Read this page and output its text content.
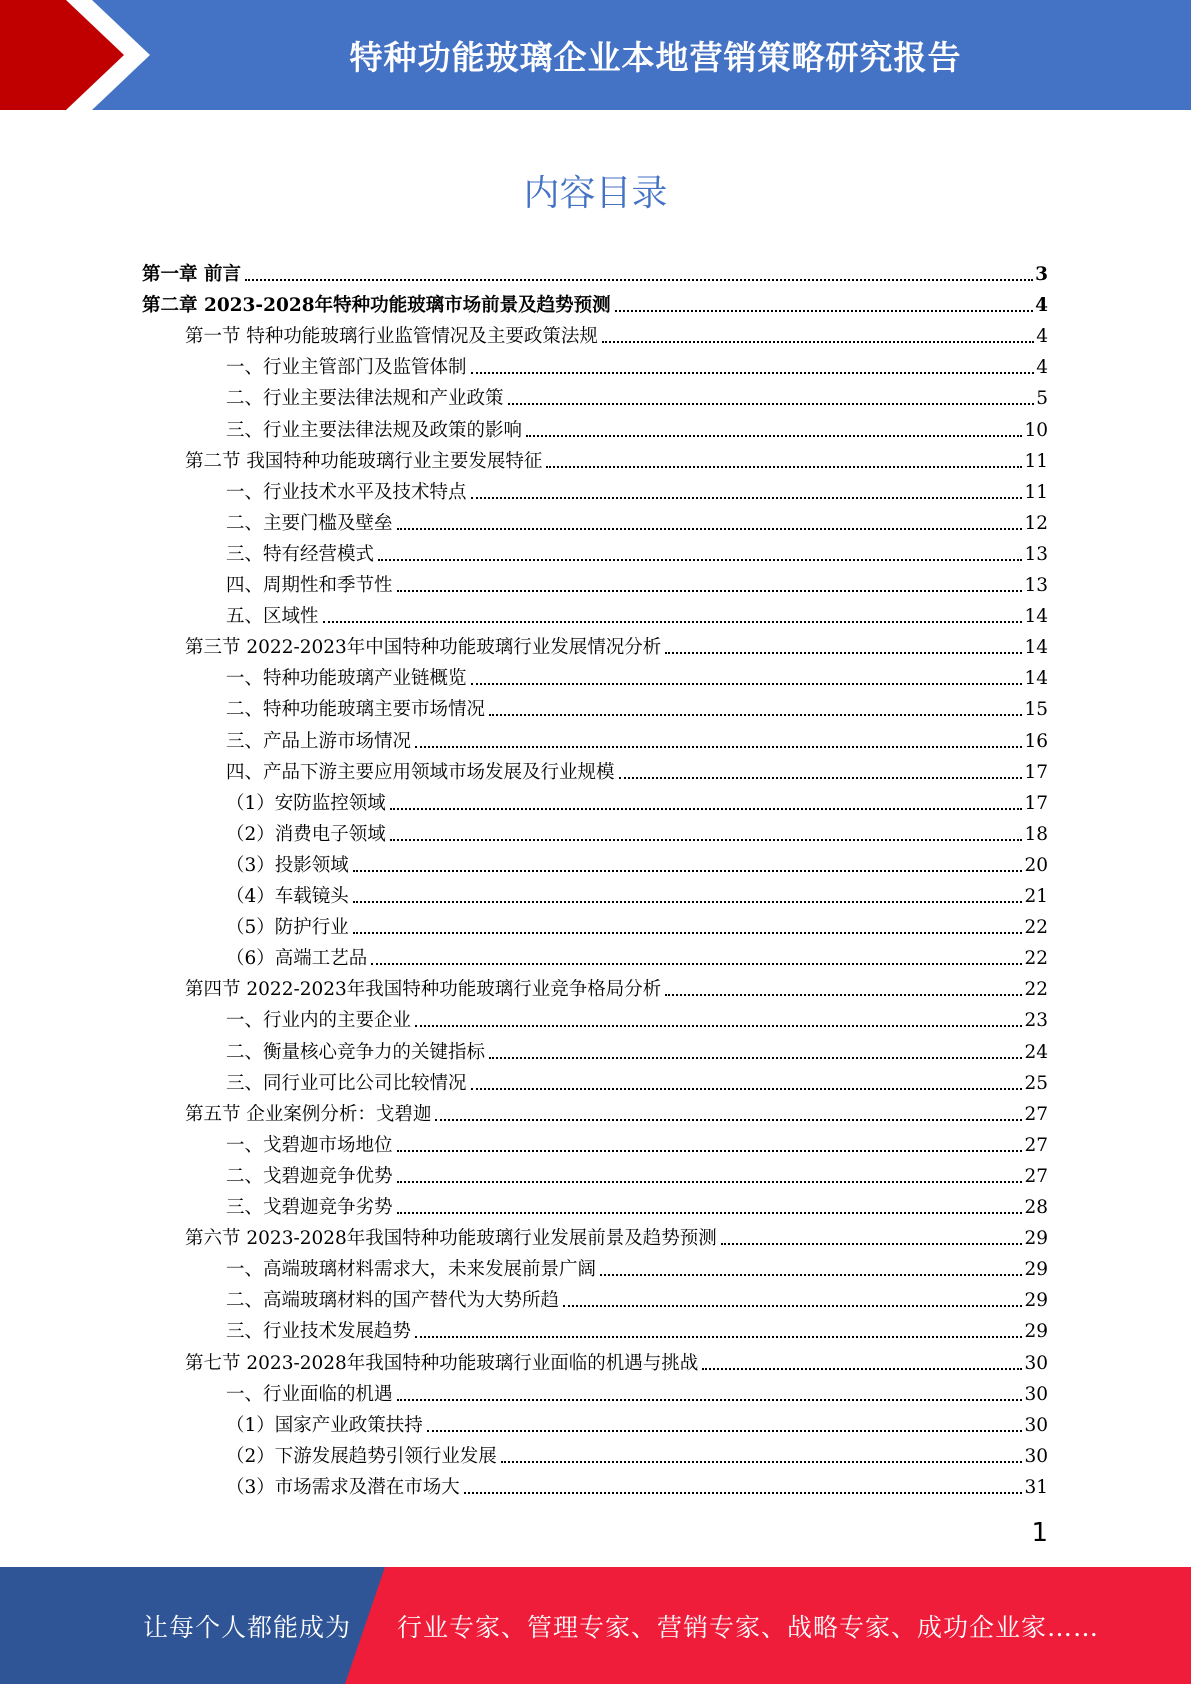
特种功能玻璃企业本地营销策略研究报告
内容目录
第一章 前言	3
第二章 2023-2028年特种功能玻璃市场前景及趋势预测	4
第一节 特种功能玻璃行业监管情况及主要政策法规	4
一、行业主管部门及监管体制	4
二、行业主要法律法规和产业政策	5
三、行业主要法律法规及政策的影响	10
第二节 我国特种功能玻璃行业主要发展特征	11
一、行业技术水平及技术特点	11
二、主要门槛及壁垒	12
三、特有经营模式	13
四、周期性和季节性	13
五、区域性	14
第三节 2022-2023年中国特种功能玻璃行业发展情况分析	14
一、特种功能玻璃产业链概览	14
二、特种功能玻璃主要市场情况	15
三、产品上游市场情况	16
四、产品下游主要应用领域市场发展及行业规模	17
（1）安防监控领域	17
（2）消费电子领域	18
（3）投影领域	20
（4）车载镜头	21
（5）防护行业	22
（6）高端工艺品	22
第四节 2022-2023年我国特种功能玻璃行业竞争格局分析	22
一、行业内的主要企业	23
二、衡量核心竞争力的关键指标	24
三、同行业可比公司比较情况	25
第五节 企业案例分析：戈碧迦	27
一、戈碧迦市场地位	27
二、戈碧迦竞争优势	27
三、戈碧迦竞争劣势	28
第六节 2023-2028年我国特种功能玻璃行业发展前景及趋势预测	29
一、高端玻璃材料需求大，未来发展前景广阔	29
二、高端玻璃材料的国产替代为大势所趋	29
三、行业技术发展趋势	29
第七节 2023-2028年我国特种功能玻璃行业面临的机遇与挑战	30
一、行业面临的机遇	30
（1）国家产业政策扶持	30
（2）下游发展趋势引领行业发展	30
（3）市场需求及潜在市场大	31
1
让每个人都能成为 行业专家、管理专家、营销专家、战略专家、成功企业家……
